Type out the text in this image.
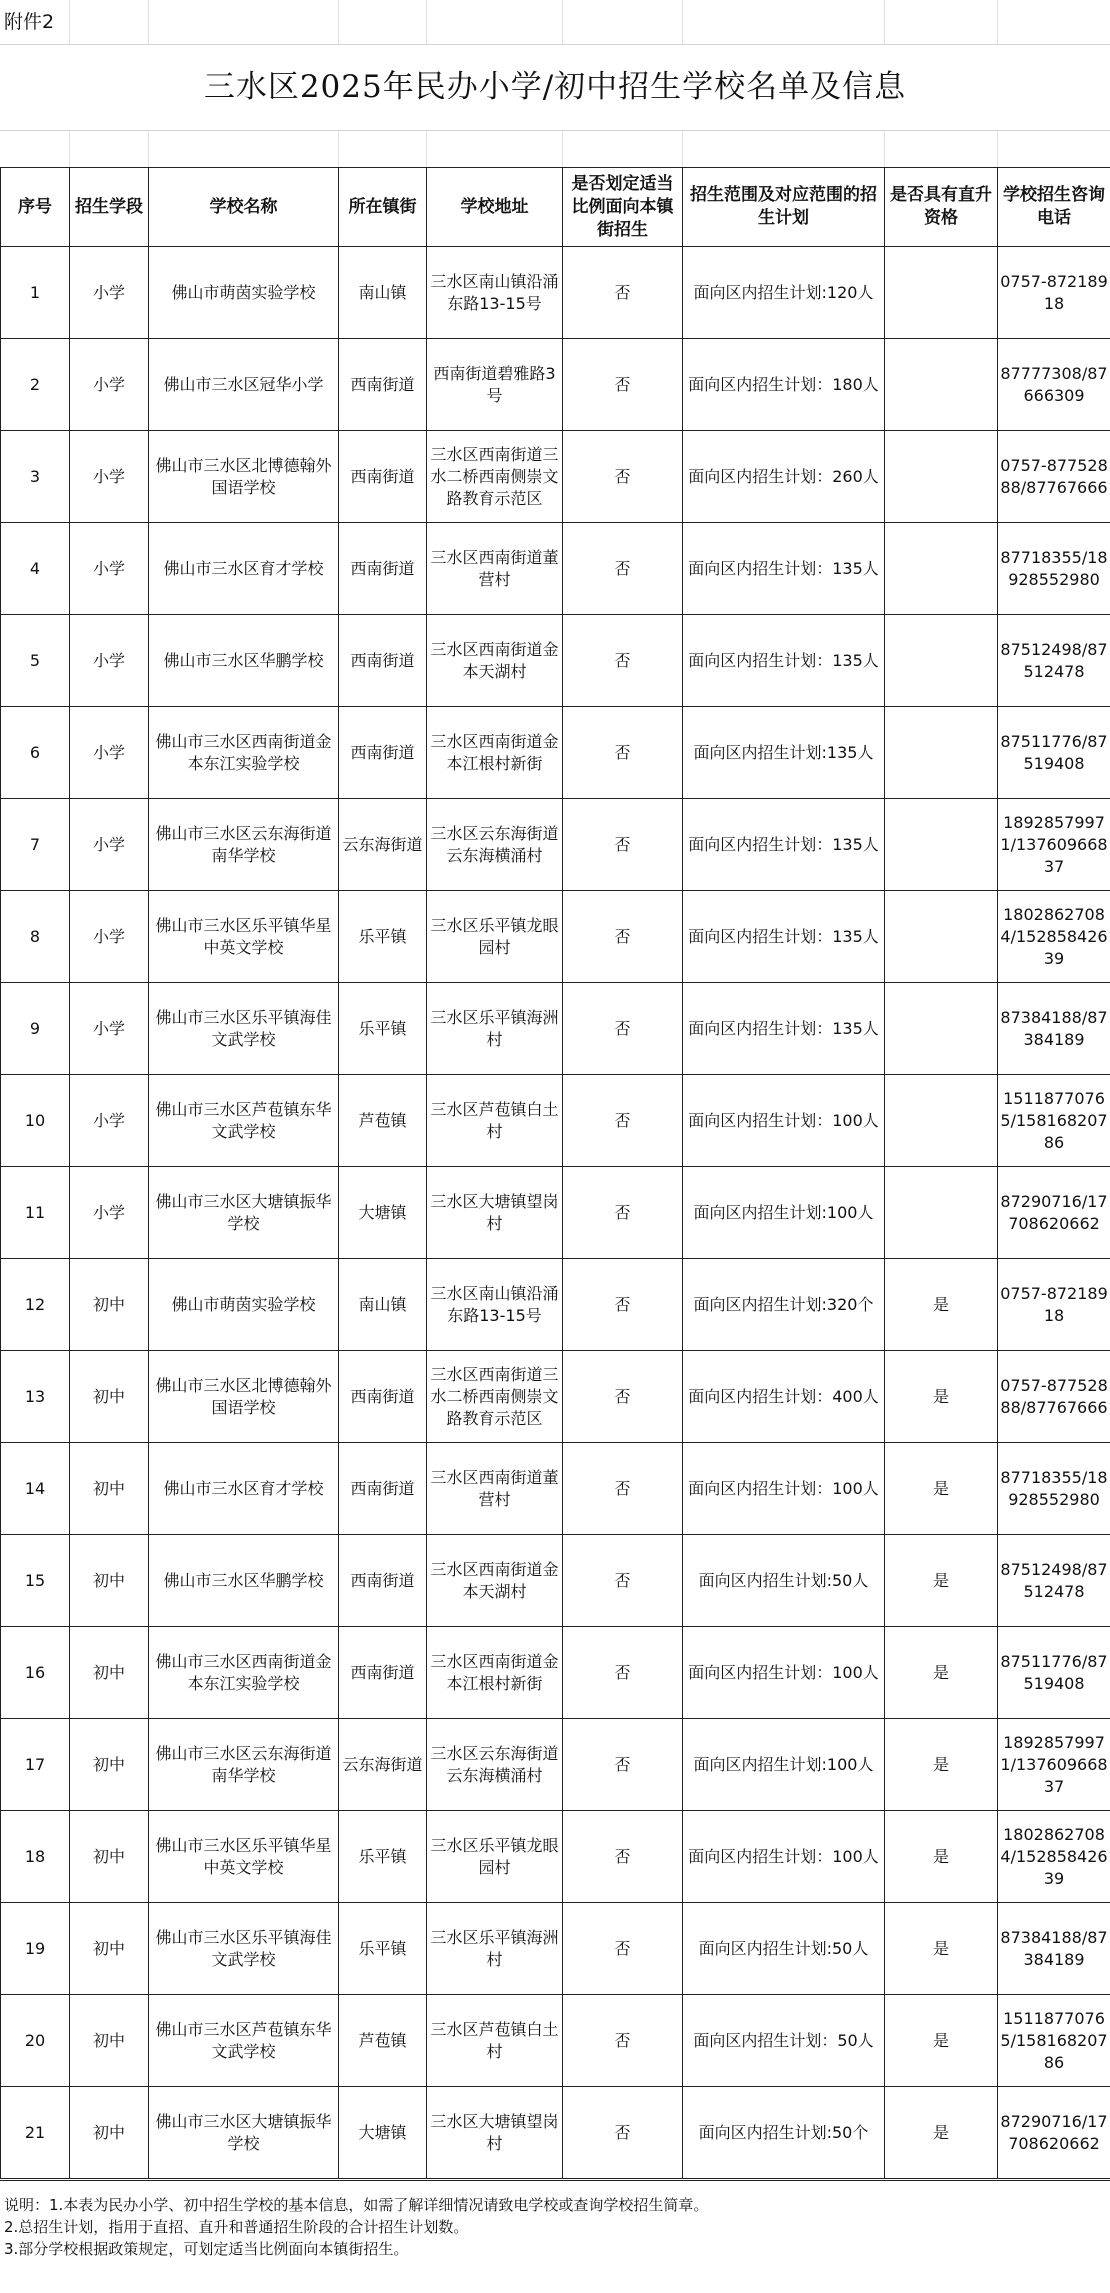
附件2
三水区2025年民办小学/初中招生学校名单及信息
序号	招生学段	学校名称	所在镇街	学校地址	是否划定适当比例面向本镇街招生	招生范围及对应范围的招生计划	是否具有直升资格	学校招生咨询电话
1	小学	佛山市萌茵实验学校	南山镇	三水区南山镇沿涌东路13-15号	否	面向区内招生计划:120人		0757-87218918
2	小学	佛山市三水区冠华小学	西南街道	西南街道碧雅路3号	否	面向区内招生计划：180人		87777308/87666309
3	小学	佛山市三水区北博德翰外国语学校	西南街道	三水区西南街道三水二桥西南侧崇文路教育示范区	否	面向区内招生计划：260人		0757-87752888/87767666
4	小学	佛山市三水区育才学校	西南街道	三水区西南街道董营村	否	面向区内招生计划：135人		87718355/18928552980
5	小学	佛山市三水区华鹏学校	西南街道	三水区西南街道金本天湖村	否	面向区内招生计划：135人		87512498/87512478
6	小学	佛山市三水区西南街道金本东江实验学校	西南街道	三水区西南街道金本江根村新街	否	面向区内招生计划:135人		87511776/87519408
7	小学	佛山市三水区云东海街道南华学校	云东海街道	三水区云东海街道云东海横涌村	否	面向区内招生计划：135人		18928579971/13760966837
8	小学	佛山市三水区乐平镇华星中英文学校	乐平镇	三水区乐平镇龙眼园村	否	面向区内招生计划：135人		18028627084/15285842639
9	小学	佛山市三水区乐平镇海佳文武学校	乐平镇	三水区乐平镇海洲村	否	面向区内招生计划：135人		87384188/87384189
10	小学	佛山市三水区芦苞镇东华文武学校	芦苞镇	三水区芦苞镇白土村	否	面向区内招生计划：100人		15118770765/15816820786
11	小学	佛山市三水区大塘镇振华学校	大塘镇	三水区大塘镇望岗村	否	面向区内招生计划:100人		87290716/17708620662
12	初中	佛山市萌茵实验学校	南山镇	三水区南山镇沿涌东路13-15号	否	面向区内招生计划:320个	是	0757-87218918
13	初中	佛山市三水区北博德翰外国语学校	西南街道	三水区西南街道三水二桥西南侧崇文路教育示范区	否	面向区内招生计划：400人	是	0757-87752888/87767666
14	初中	佛山市三水区育才学校	西南街道	三水区西南街道董营村	否	面向区内招生计划：100人	是	87718355/18928552980
15	初中	佛山市三水区华鹏学校	西南街道	三水区西南街道金本天湖村	否	面向区内招生计划:50人	是	87512498/87512478
16	初中	佛山市三水区西南街道金本东江实验学校	西南街道	三水区西南街道金本江根村新街	否	面向区内招生计划：100人	是	87511776/87519408
17	初中	佛山市三水区云东海街道南华学校	云东海街道	三水区云东海街道云东海横涌村	否	面向区内招生计划:100人	是	18928579971/13760966837
18	初中	佛山市三水区乐平镇华星中英文学校	乐平镇	三水区乐平镇龙眼园村	否	面向区内招生计划：100人	是	18028627084/15285842639
19	初中	佛山市三水区乐平镇海佳文武学校	乐平镇	三水区乐平镇海洲村	否	面向区内招生计划:50人	是	87384188/87384189
20	初中	佛山市三水区芦苞镇东华文武学校	芦苞镇	三水区芦苞镇白土村	否	面向区内招生计划：50人	是	15118770765/15816820786
21	初中	佛山市三水区大塘镇振华学校	大塘镇	三水区大塘镇望岗村	否	面向区内招生计划:50个	是	87290716/17708620662
说明：1.本表为民办小学、初中招生学校的基本信息，如需了解详细情况请致电学校或查询学校招生简章。
2.总招生计划，指用于直招、直升和普通招生阶段的合计招生计划数。
3.部分学校根据政策规定，可划定适当比例面向本镇街招生。
